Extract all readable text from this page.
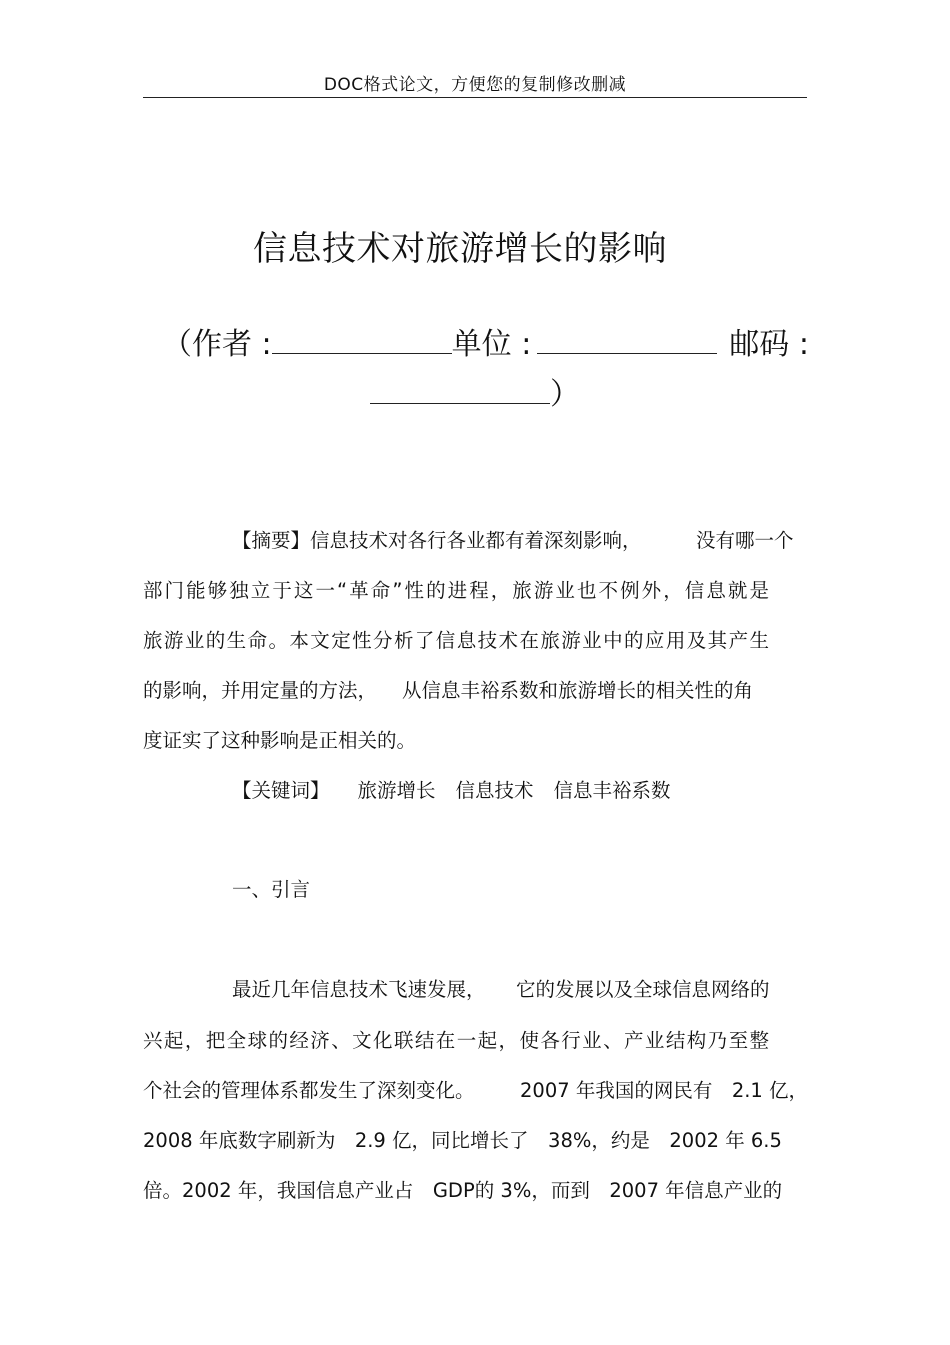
DOC格式论文，方便您的复制修改删减
信息技术对旅游增长的影响
（作者 :	单位 :	邮码 :
）
【摘要】信息技术对各行各业都有着深刻影响，	没有哪一个
部门能够独立于这一“革命”性的进程，旅游业也不例外，信息就是
旅游业的生命。本文定性分析了信息技术在旅游业中的应用及其产生
的影响，并用定量的方法， 从信息丰裕系数和旅游增长的相关性的角
度证实了这种影响是正相关的。
【关键词】 旅游增长 信息技术 信息丰裕系数
一、引言
最近几年信息技术飞速发展， 它的发展以及全球信息网络的
兴起，把全球的经济、文化联结在一起，使各行业、产业结构乃至整
个社会的管理体系都发生了深刻变化。 2007 年我国的网民有　2.1 亿，
2008 年底数字刷新为　2.9 亿，同比增长了　38%，约是　2002 年 6.5
倍。2002 年，我国信息产业占　GDP的 3%，而到　2007 年信息产业的
